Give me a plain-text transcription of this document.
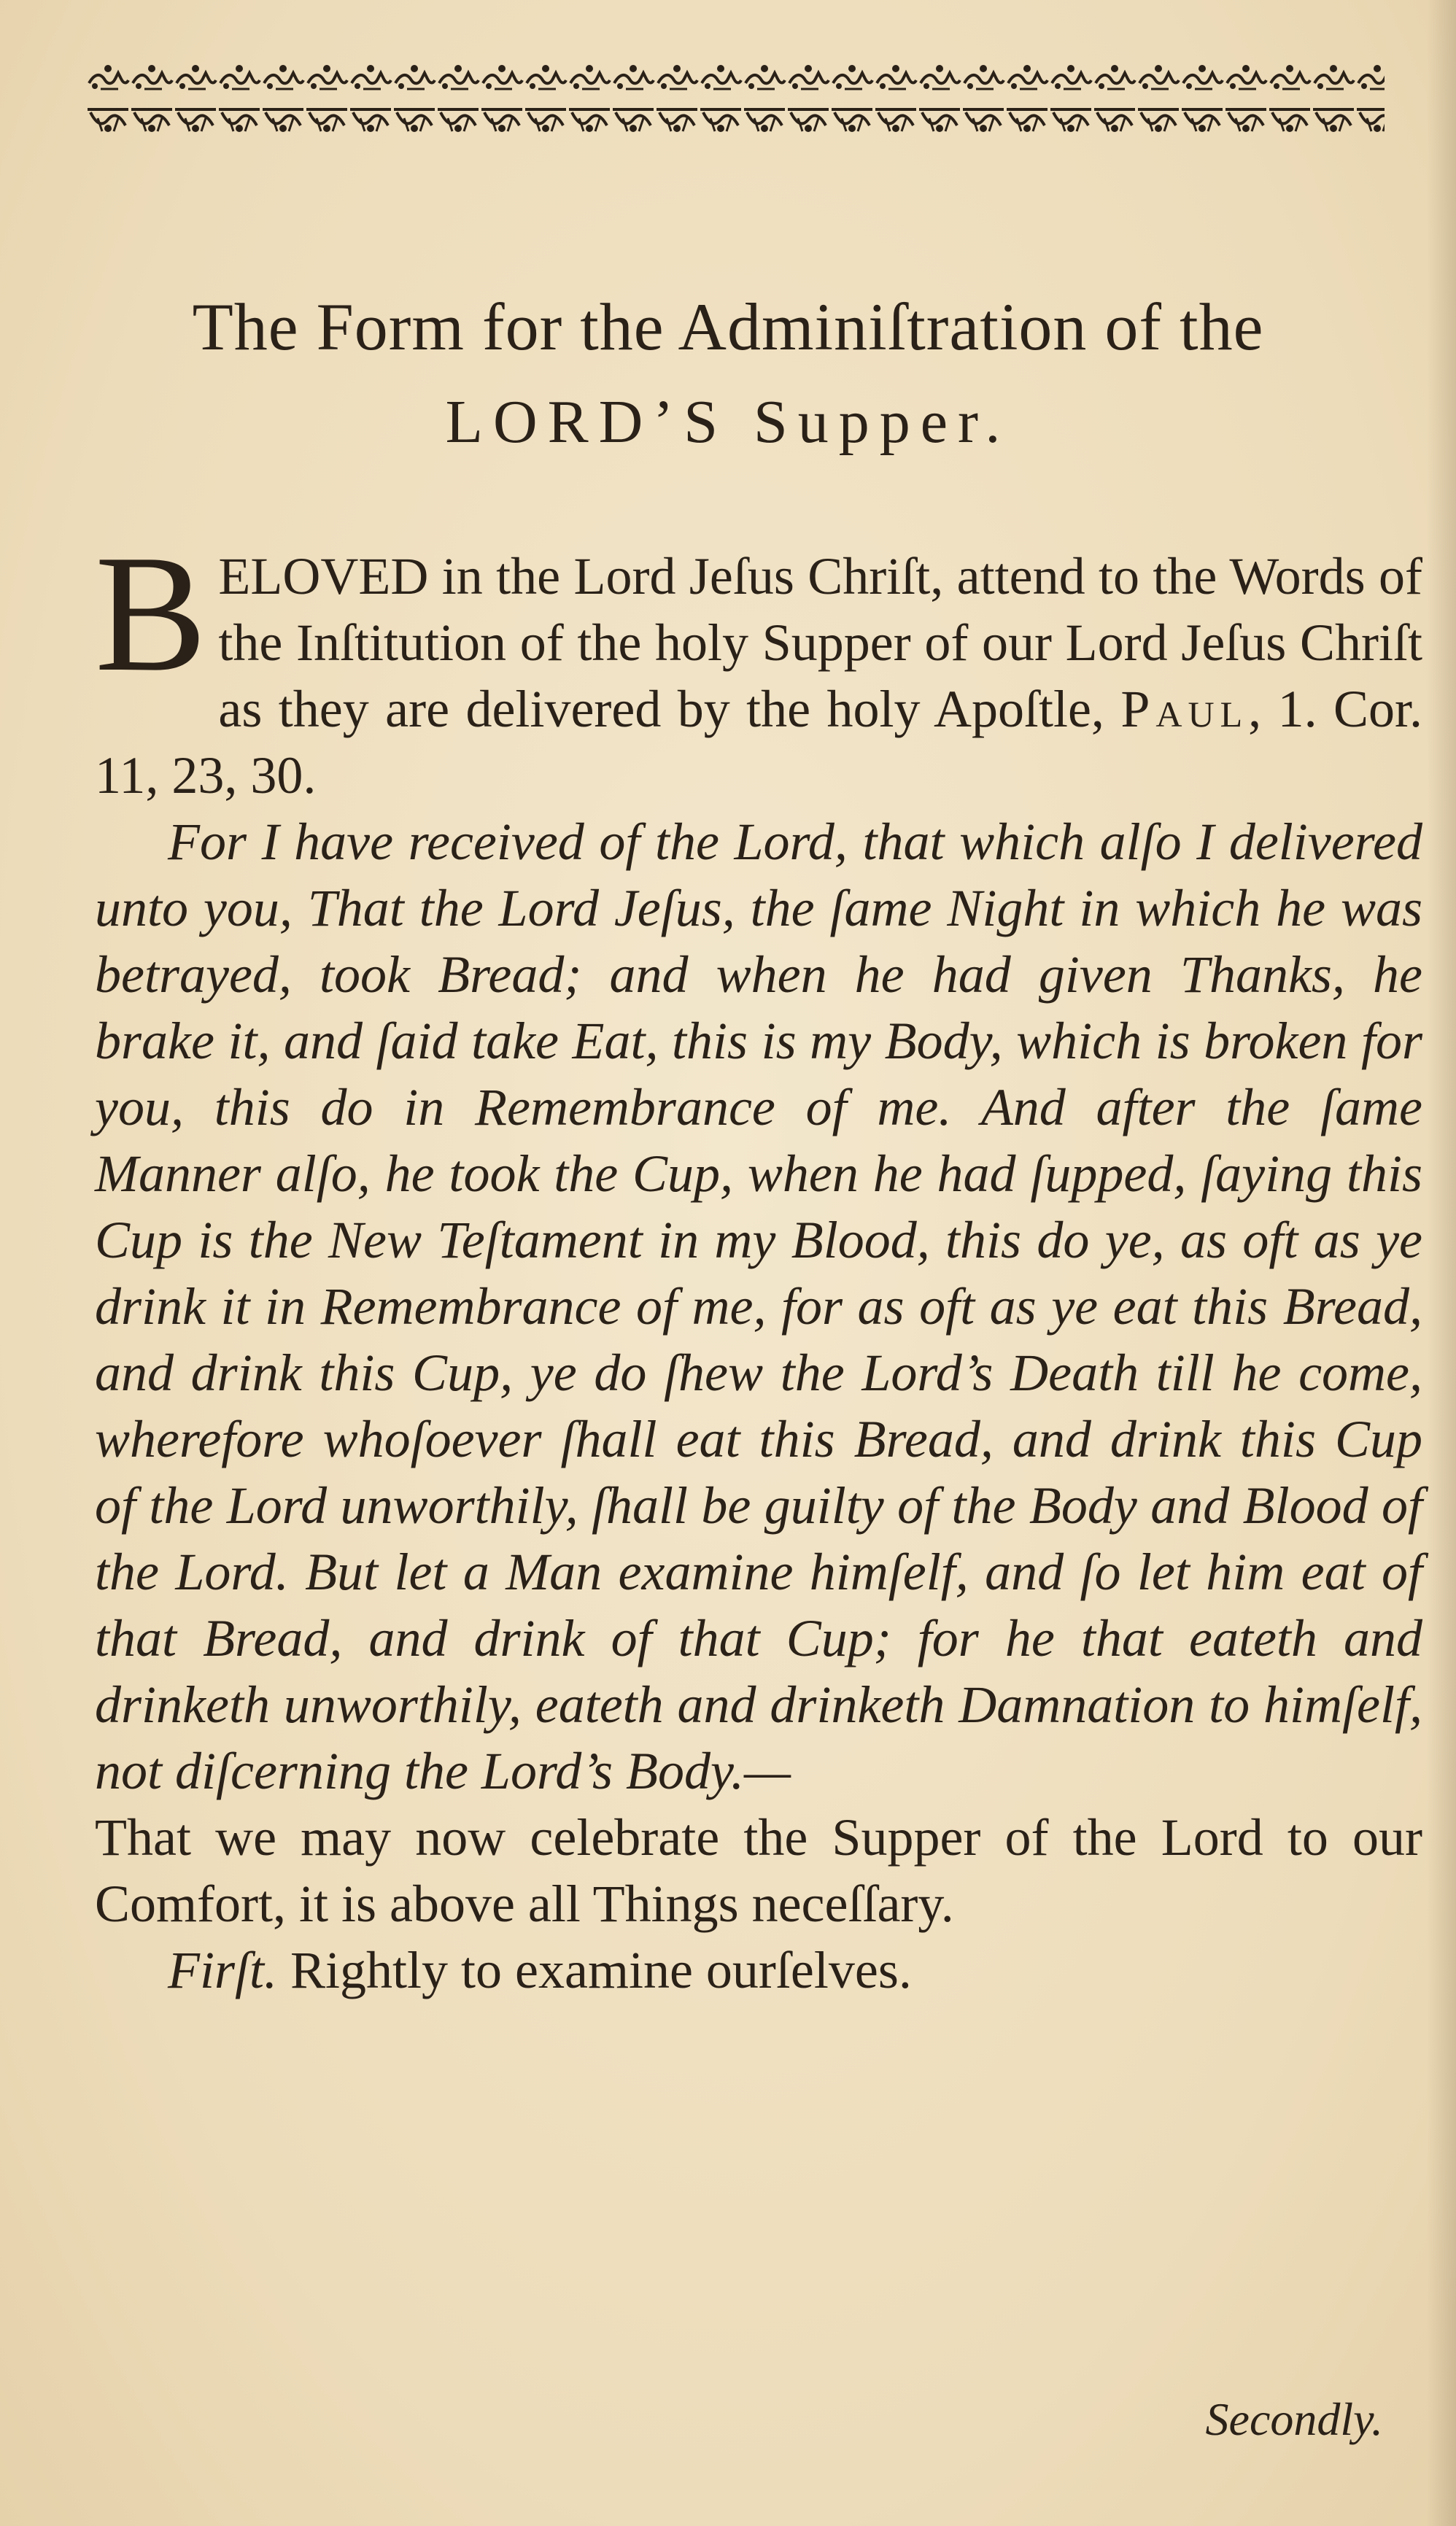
The Form for the Adminiſtration of the
LORD’S Supper.

BELOVED in the Lord Jeſus Chriſt, attend to the Words of the Inſtitution of the holy Supper of our Lord Jeſus Chriſt as they are delivered by the holy Apoſtle, Paul, 1. Cor. 11, 23, 30.

For I have received of the Lord, that which alſo I delivered unto you, That the Lord Jeſus, the ſame Night in which he was betrayed, took Bread; and when he had given Thanks, he brake it, and ſaid take Eat, this is my Body, which is broken for you, this do in Remembrance of me. And after the ſame Manner alſo, he took the Cup, when he had ſupped, ſaying this Cup is the New Teſtament in my Blood, this do ye, as oft as ye drink it in Remembrance of me, for as oft as ye eat this Bread, and drink this Cup, ye do ſhew the Lord’s Death till he come, wherefore whoſoever ſhall eat this Bread, and drink this Cup of the Lord unworthily, ſhall be guilty of the Body and Blood of the Lord. But let a Man examine himſelf, and ſo let him eat of that Bread, and drink of that Cup; for he that eateth and drinketh unworthily, eateth and drinketh Damnation to himſelf, not diſcerning the Lord’s Body.—

That we may now celebrate the Supper of the Lord to our Comfort, it is above all Things neceſſary.

Firſt. Rightly to examine ourſelves.

Secondly.
